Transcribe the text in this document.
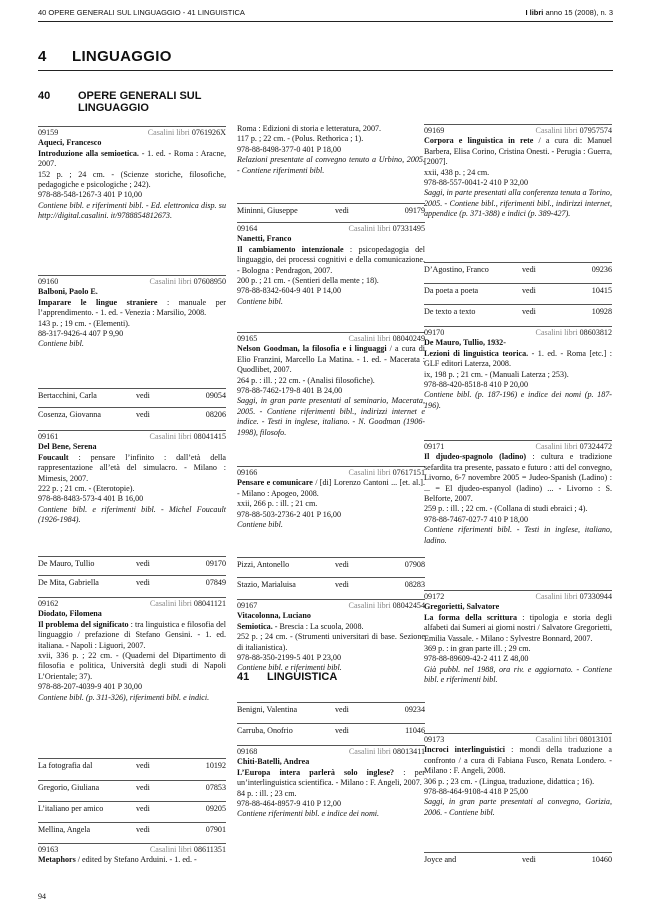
40 OPERE GENERALI SUL LINGUAGGIO - 41 LINGUISTICA	I libri anno 15 (2008), n. 3
4 LINGUAGGIO
40	OPERE GENERALI SUL LINGUAGGIO
09159	Casalini libri 0761926X
Aqueci, Francesco

Introduzione alla semioetica. - 1. ed. - Roma : Aracne, 2007.
152 p. ; 24 cm. - (Scienze storiche, filosofiche, pedagogiche e psicologiche ; 242).
978-88-548-1267-3 401 P 10,00

Contiene bibl. e riferimenti bibl. - Ed. elettronica disp. su http://digital.casalini. it/9788854812673.

09160	Casalini libri 07608950
Balboni, Paolo E.

Imparare le lingue straniere : manuale per l’apprendimento. - 1. ed. - Venezia : Marsilio, 2008.
143 p. ; 19 cm. - (Elementi).
88-317-9426-4 407 P 9,90

Contiene bibl.

Bertacchini, Carla	vedi	09054
Cosenza, Giovanna	vedi	08206
09161	Casalini libri 08041415
Del Bene, Serena

Foucault : pensare l’infinito : dall’età della rappresentazione all’età del simulacro. - Milano : Mimesis, 2007.
222 p. ; 21 cm. - (Eterotopie).
978-88-8483-573-4 401 B 16,00

Contiene bibl. e riferimenti bibl. - Michel Foucault (1926-1984).

De Mauro, Tullio	vedi	09170
De Mita, Gabriella	vedi	07849
09162	Casalini libri 08041121
Diodato, Filomena

Il problema del significato : tra linguistica e filosofia del linguaggio / prefazione di Stefano Gensini. - 1. ed. italiana. - Napoli : Liguori, 2007.
xvii, 336 p. ; 22 cm. - (Quaderni del Dipartimento di filosofia e politica, Università degli studi di Napoli L’Orientale; 37).
978-88-207-4039-9 401 P 30,00

Contiene bibl. (p. 311-326), riferimenti bibl. e indici.

La fotografia dal	vedi	10192
Gregorio, Giuliana	vedi	07853
L’italiano per amico	vedi	09205
Mellina, Angela	vedi	07901
09163	Casalini libri 08611351

Metaphors / edited by Stefano Arduini. - 1. ed. -

Roma : Edizioni di storia e letteratura, 2007.
117 p. ; 22 cm. - (Polus. Rethorica ; 1).
978-88-8498-377-0 401 P 18,00

Relazioni presentate al convegno tenuto a Urbino, 2005. - Contiene riferimenti bibl.

Mininni, Giuseppe	vedi	09179
09164	Casalini libri 07331495
Nanetti, Franco

Il cambiamento intenzionale : psicopedagogia del linguaggio, dei processi cognitivi e della comunicazione. - Bologna : Pendragon, 2007.
200 p. ; 21 cm. - (Sentieri della mente ; 18).
978-88-8342-604-9 401 P 14,00

Contiene bibl.

09165	Casalini libri 08040249

Nelson Goodman, la filosofia e i linguaggi / a cura di Elio Franzini, Marcello La Matina. - 1. ed. - Macerata : Quodlibet, 2007.
264 p. : ill. ; 22 cm. - (Analisi filosofiche).
978-88-7462-179-8 401 B 24,00

Saggi, in gran parte presentati al seminario, Macerata, 2005. - Contiene riferimenti bibl., indirizzi internet e indice. - Testi in inglese, italiano. - N. Goodman (1906- 1998), filosofo.

09166	Casalini libri 07617151

Pensare e comunicare / [di] Lorenzo Cantoni ... [et. al.]. - Milano : Apogeo, 2008.
xxii, 266 p. : ill. ; 21 cm.
978-88-503-2736-2 401 P 16,00

Contiene bibl.

Pizzi, Antonello	vedi	07908
Stazio, Marialuisa	vedi	08283
09167	Casalini libri 08042454
Vitacolonna, Luciano

Semiotica. - Brescia : La scuola, 2008.
252 p. ; 24 cm. - (Strumenti universitari di base. Sezione di italianistica).
978-88-350-2199-5 401 P 23,00

Contiene bibl. e riferimenti bibl.

41 LINGUISTICA
Benigni, Valentina	vedi	09234
Carruba, Onofrio	vedi	11046
09168	Casalini libri 08013411
Chiti-Batelli, Andrea

L’Europa intera parlerà solo inglese? : per un’interlinguistica scientifica. - Milano : F. Angeli, 2007.
84 p. : ill. ; 23 cm.
978-88-464-8957-9 410 P 12,00

Contiene riferimenti bibl. e indice dei nomi.

09169	Casalini libri 07957574

Corpora e linguistica in rete / a cura di: Manuel Barbera, Elisa Corino, Cristina Onesti. - Perugia : Guerra, [2007].
xxii, 438 p. ; 24 cm.
978-88-557-0041-2 410 P 32,00

Saggi, in parte presentati alla conferenza tenuta a Torino, 2005. - Contiene bibl., riferimenti bibl., indirizzi internet, appendice (p. 371-388) e indici (p. 389-427).

D’Agostino, Franco	vedi	09236
Da poeta a poeta	vedi	10415
De texto a texto	vedi	10928
09170	Casalini libri 08603812
De Mauro, Tullio, 1932-

Lezioni di linguistica teorica. - 1. ed. - Roma [etc.] : GLF editori Laterza, 2008.
ix, 198 p. ; 21 cm. - (Manuali Laterza ; 253).
978-88-420-8518-8 410 P 20,00

Contiene bibl. (p. 187-196) e indice dei nomi (p. 187-196).

09171	Casalini libri 07324472

Il djudeo-spagnolo (ladino) : cultura e tradizione sefardita tra presente, passato e futuro : atti del convegno, Livorno, 6-7 novembre 2005 = Judeo-Spanish (Ladino) : ... = El djudeo-espanyol (ladino) ... - Livorno : S. Belforte, 2007.
259 p. : ill. ; 22 cm. - (Collana di studi ebraici ; 4).
978-88-7467-027-7 410 P 18,00

Contiene riferimenti bibl. - Testi in inglese, italiano, ladino.

09172	Casalini libri 07330944
Gregorietti, Salvatore

La forma della scrittura : tipologia e storia degli alfabeti dai Sumeri ai giorni nostri / Salvatore Gregorietti, Emilia Vassale. - Milano : Sylvestre Bonnard, 2007.
369 p. : in gran parte ill. ; 29 cm.
978-88-89609-42-2 411 Z 48,00

Già pubbl. nel 1988, ora riv. e aggiornato. - Contiene bibl. e riferimenti bibl.

09173	Casalini libri 08013101

Incroci interlinguistici : mondi della traduzione a confronto / a cura di Fabiana Fusco, Renata Londero. - Milano : F. Angeli, 2008.
306 p. ; 23 cm. - (Lingua, traduzione, didattica ; 16).
978-88-464-9108-4 418 P 25,00

Saggi, in gran parte presentati al convegno, Gorizia, 2006. - Contiene bibl.

Joyce and	vedi	10460
94
